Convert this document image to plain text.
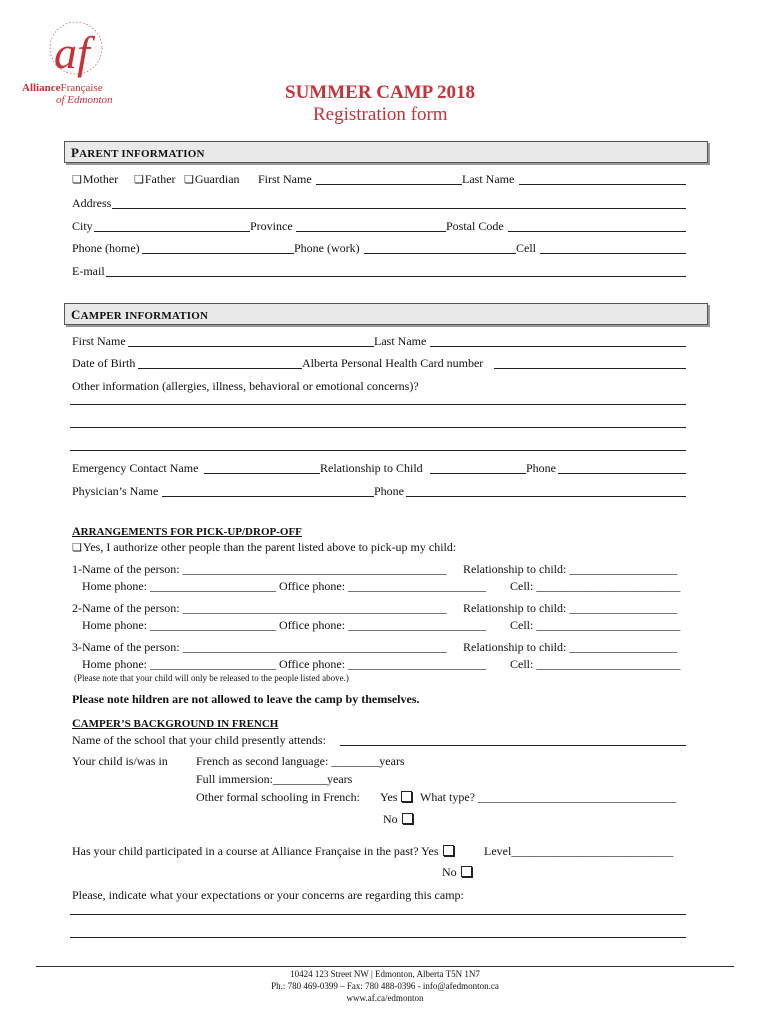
af
AllianceFrançaise
of Edmonton	SUMMER CAMP 2018
Registration form
PARENT INFORMATION
❏ Mother	❏ Father	❏ Guardian First Name	Last Name
Address
City	Province	Postal Code
Phone (home)	Phone (work)	Cell
E-mail
CAMPER INFORMATION
First Name	Last Name
Date of Birth	Alberta Personal Health Card number
Other information (allergies, illness, behavioral or emotional concerns)?
Emergency Contact Name	Relationship to Child	Phone
Physician’s Name	Phone
ARRANGEMENTS FOR PICK-UP/DROP-OFF
❏ Yes, I authorize other people than the parent listed above to pick-up my child:
1-Name of the person: ____________________________________________ Relationship to child: __________________
Home phone: _____________________ Office phone: _______________________ Cell: ________________________
2-Name of the person: ____________________________________________ Relationship to child: __________________
Home phone: _____________________ Office phone: _______________________ Cell: ________________________
3-Name of the person: ____________________________________________ Relationship to child: __________________
Home phone: _____________________ Office phone: _______________________ Cell: ________________________
(Please note that your child will only be released to the people listed above.)
Please note hildren are not allowed to leave the camp by themselves.
CAMPER’S BACKGROUND IN FRENCH
Name of the school that your child presently attends:
Your child is/was in French as second language: ________years
Full immersion:_________years
Other formal schooling in French: Yes	What type? _________________________________
No
Has your child participated in a course at Alliance Française in the past? Yes	Level___________________________
No
Please, indicate what your expectations or your concerns are regarding this camp:
10424 123 Street NW | Edmonton, Alberta T5N 1N7
Ph.: 780 469-0399 – Fax: 780 488-0396 - info@afedmonton.ca
www.af.ca/edmonton
